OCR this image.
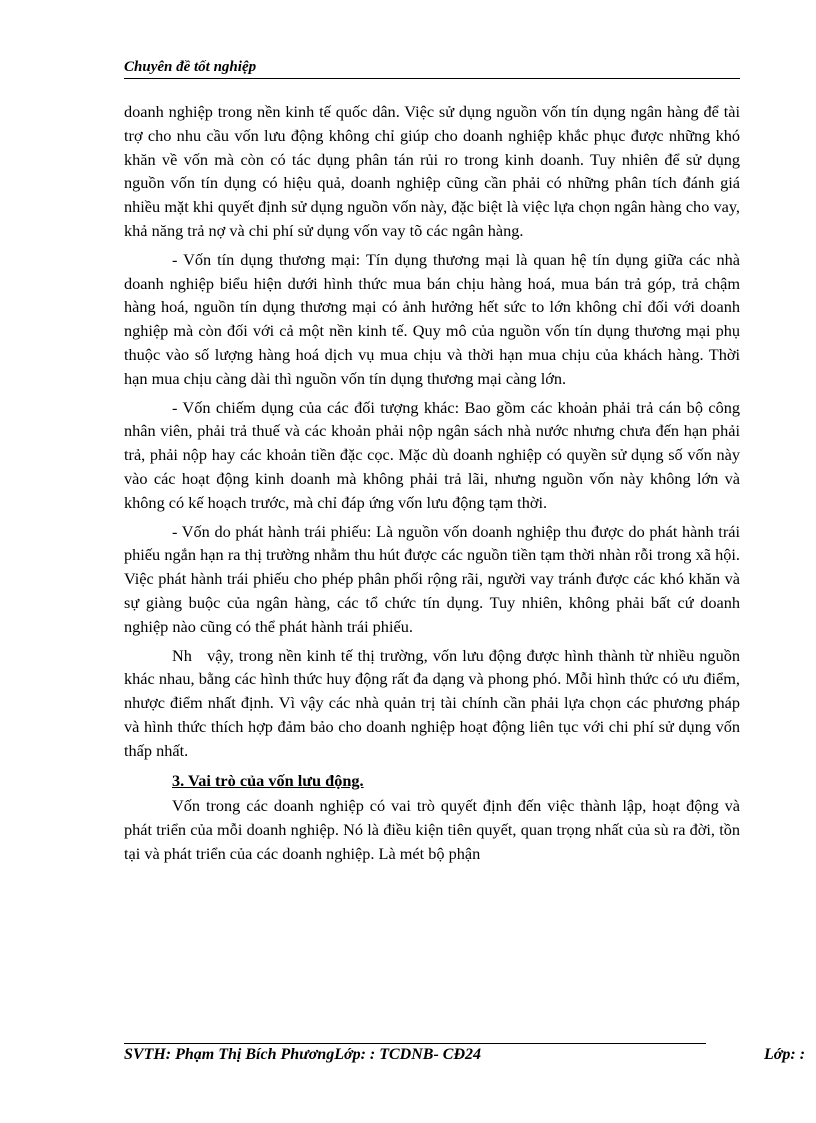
Chuyên đề tốt nghiệp

doanh nghiệp trong nền kinh tế quốc dân. Việc sử dụng nguồn vốn tín dụng ngân hàng để tài trợ cho nhu cầu vốn lưu động không chỉ giúp cho doanh nghiệp khắc phục được những khó khăn về vốn mà còn có tác dụng phân tán rủi ro trong kinh doanh. Tuy nhiên để sử dụng nguồn vốn tín dụng có hiệu quả, doanh nghiệp cũng cần phải có những phân tích đánh giá nhiều mặt khi quyết định sử dụng nguồn vốn này, đặc biệt là việc lựa chọn ngân hàng cho vay, khả năng trả nợ và chi phí sử dụng vốn vay tõ các ngân hàng.

- Vốn tín dụng thương mại: Tín dụng thương mại là quan hệ tín dụng giữa các nhà doanh nghiệp biểu hiện dưới hình thức mua bán chịu hàng hoá, mua bán trả góp, trả chậm hàng hoá, nguồn tín dụng thương mại có ảnh hưởng hết sức to lớn không chỉ đối với doanh nghiệp mà còn đối với cả một nền kinh tế. Quy mô của nguồn vốn tín dụng thương mại phụ thuộc vào số lượng hàng hoá dịch vụ mua chịu và thời hạn mua chịu của khách hàng. Thời hạn mua chịu càng dài thì nguồn vốn tín dụng thương mại càng lớn.

- Vốn chiếm dụng của các đối tượng khác: Bao gồm các khoản phải trả cán bộ công nhân viên, phải trả thuế và các khoản phải nộp ngân sách nhà nước nhưng chưa đến hạn phải trả, phải nộp hay các khoản tiền đặc cọc. Mặc dù doanh nghiệp có quyền sử dụng số vốn này vào các hoạt động kinh doanh mà không phải trả lãi, nhưng nguồn vốn này không lớn và không có kế hoạch trước, mà chỉ đáp ứng vốn lưu động tạm thời.

- Vốn do phát hành trái phiếu: Là nguồn vốn doanh nghiệp thu được do phát hành trái phiếu ngắn hạn ra thị trường nhằm thu hút được các nguồn tiền tạm thời nhàn rỗi trong xã hội. Việc phát hành trái phiếu cho phép phân phối rộng rãi, người vay tránh được các khó khăn và sự giàng buộc của ngân hàng, các tổ chức tín dụng. Tuy nhiên, không phải bất cứ doanh nghiệp nào cũng có thể phát hành trái phiếu.

Nh   vậy, trong nền kinh tế thị trường, vốn lưu động được hình thành từ nhiều nguồn khác nhau, bằng các hình thức huy động rất đa dạng và phong phó. Mỗi hình thức có ưu điểm, nhược điểm nhất định. Vì vậy các nhà quản trị tài chính cần phải lựa chọn các phương pháp và hình thức thích hợp đảm bảo cho doanh nghiệp hoạt động liên tục với chi phí sử dụng vốn thấp nhất.

3. Vai trò của vốn lưu động.

Vốn trong các doanh nghiệp có vai trò quyết định đến việc thành lập, hoạt động và phát triển của mỗi doanh nghiệp. Nó là điều kiện tiên quyết, quan trọng nhất của sù ra đời, tồn tại và phát triển của các doanh nghiệp. Là mét bộ phận

SVTH: Phạm Thị Bích PhươngLớp: : TCDNB- CĐ24	Lớp: :
